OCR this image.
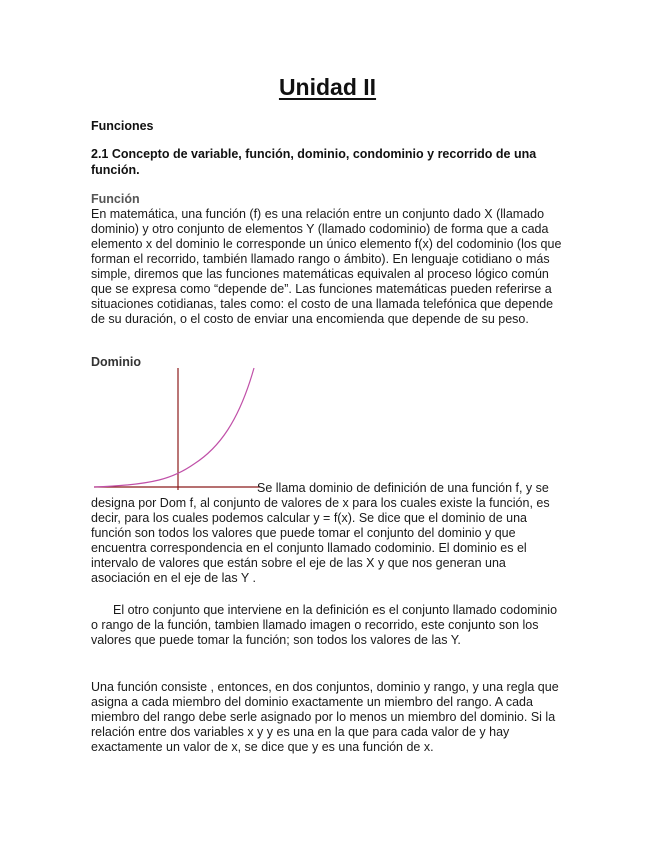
Unidad II

Funciones

2.1 Concepto de variable, función, dominio, condominio y recorrido de una función.

Función

En matemática, una función (f) es una relación entre un conjunto dado X (llamado dominio) y otro conjunto de elementos Y (llamado codominio) de forma que a cada elemento x del dominio le corresponde un único elemento f(x) del codominio (los que forman el recorrido, también llamado rango o ámbito). En lenguaje cotidiano o más simple, diremos que las funciones matemáticas equivalen al proceso lógico común que se expresa como “depende de”. Las funciones matemáticas pueden referirse a situaciones cotidianas, tales como: el costo de una llamada telefónica que depende de su duración, o el costo de enviar una encomienda que depende de su peso.

Dominio

Se llama dominio de definición de una función f, y se designa por Dom f, al conjunto de valores de x para los cuales existe la función, es decir, para los cuales podemos calcular y = f(x). Se dice que el dominio de una función son todos los valores que puede tomar el conjunto del dominio y que encuentra correspondencia en el conjunto llamado codominio. El dominio es el intervalo de valores que están sobre el eje de las X y que nos generan una asociación en el eje de las Y .

El otro conjunto que interviene en la definición es el conjunto llamado codominio o rango de la función, tambien llamado imagen o recorrido, este conjunto son los valores que puede tomar la función; son todos los valores de las Y.

Una función consiste , entonces, en dos conjuntos, dominio y rango, y una regla que asigna a cada miembro del dominio exactamente un miembro del rango. A cada miembro del rango debe serle asignado por lo menos un miembro del dominio. Si la relación entre dos variables x y y es una en la que para cada valor de y hay exactamente un valor de x, se dice que y es una función de x.
